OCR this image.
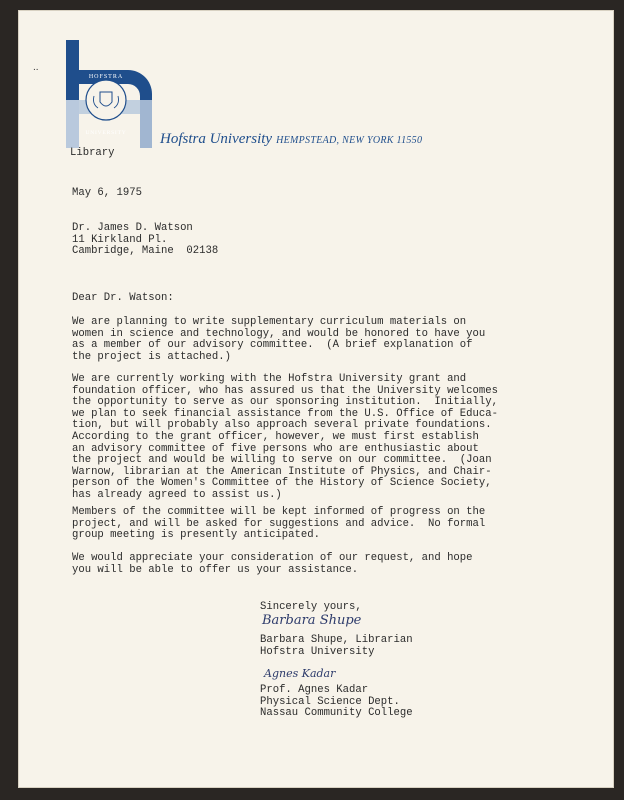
..
HOFSTRA
UNIVERSITY Hofstra University HEMPSTEAD, NEW YORK 11550
Library
May 6, 1975
Dr. James D. Watson
11 Kirkland Pl.
Cambridge, Maine  02138
Dear Dr. Watson:
We are planning to write supplementary curriculum materials on
women in science and technology, and would be honored to have you
as a member of our advisory committee.  (A brief explanation of
the project is attached.)
We are currently working with the Hofstra University grant and
foundation officer, who has assured us that the University welcomes
the opportunity to serve as our sponsoring institution.  Initially,
we plan to seek financial assistance from the U.S. Office of Educa-
tion, but will probably also approach several private foundations.
According to the grant officer, however, we must first establish
an advisory committee of five persons who are enthusiastic about
the project and would be willing to serve on our committee.  (Joan
Warnow, librarian at the American Institute of Physics, and Chair-
person of the Women's Committee of the History of Science Society,
has already agreed to assist us.)
Members of the committee will be kept informed of progress on the
project, and will be asked for suggestions and advice.  No formal
group meeting is presently anticipated.
We would appreciate your consideration of our request, and hope
you will be able to offer us your assistance.
Sincerely yours,
Barbara Shupe
Barbara Shupe, Librarian
Hofstra University
Agnes Kadar
Prof. Agnes Kadar
Physical Science Dept.
Nassau Community College
